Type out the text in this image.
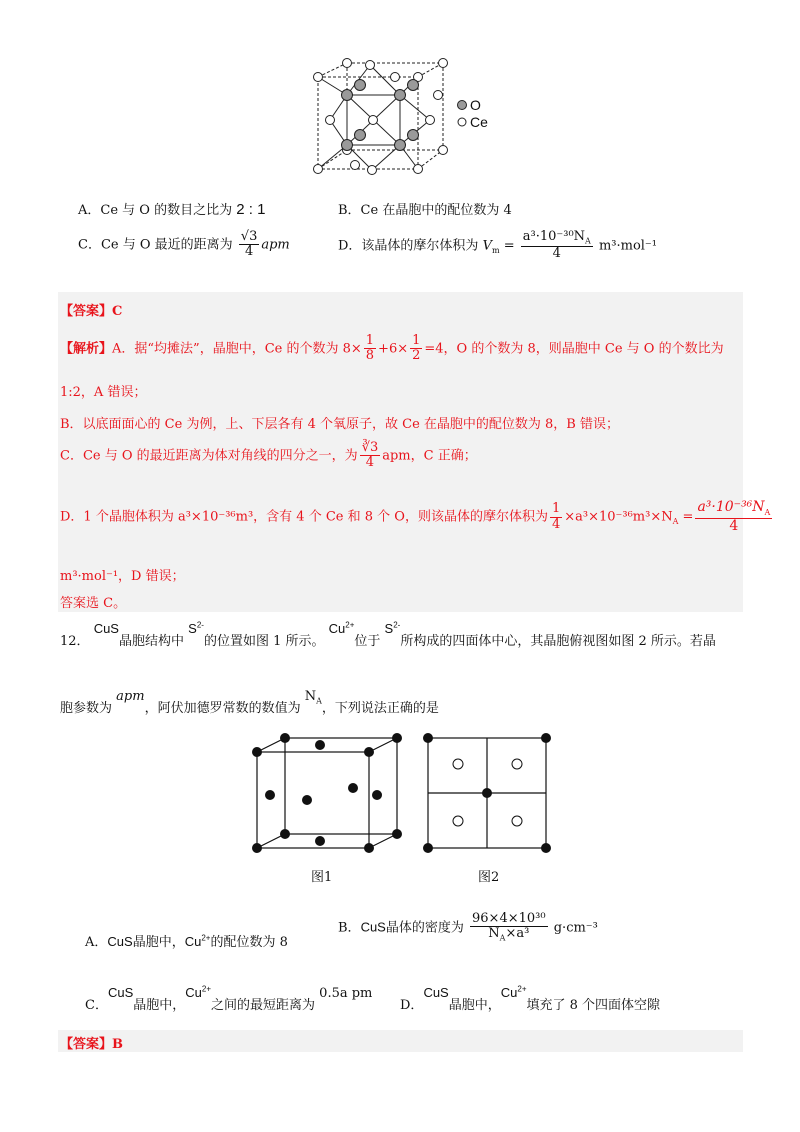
O
Ce
A．Ce 与 O 的数目之比为 2 : 1	B．Ce 在晶胞中的配位数为 4
C．Ce 与 O 最近的距离为 $\frac{√3}{4}$ apm	D．该晶体的摩尔体积为 $V_m = \frac{a^3\cdot 10^{-30}N_A}{4} m^3\cdot mol^{-1}$
【答案】C
【解析】A．据“均摊法”，晶胞中，Ce 的个数为 $8\times \frac{1}{8} +6\times \frac{1}{2} =4$，O 的个数为 8，则晶胞中 Ce 与 O 的个数比为
1:2，A 错误；
B．以底面面心的 Ce 为例，上、下层各有 4 个氧原子，故 Ce 在晶胞中的配位数为 8，B 错误；
C．Ce 与 O 的最近距离为体对角线的四分之一，为 $\frac{∛3}{4}$ apm，C 正确；
D．1 个晶胞体积为 a³×10⁻³⁶m³，含有 4 个 Ce 和 8 个 O，则该晶体的摩尔体积为 $\frac{1}{4} \times a^3\times 10^{-36}m^3\times N_A = \frac{a^3\cdot 10^{-36}N_A}{4}$
m³·mol⁻¹，D 错误；
答案选 C。
12． CuS晶胞结构中 $S^{2-}$的位置如图 1 所示。 $Cu^{2+}$位于 $S^{2-}$所构成的四面体中心，其晶胞俯视图如图 2 所示。若晶
胞参数为 apm，阿伏加德罗常数的数值为 $N_A$，下列说法正确的是
图1	图2
A．CuS晶胞中，$Cu^{2+}$的配位数为 8
B．CuS晶体的密度为 $\frac{\text{96×4×10³⁰}}{N_A\times a^3} g\cdot cm^{-3}$
C．CuS晶胞中，$Cu^{2+}$之间的最短距离为 0.5a pm
D．CuS晶胞中，$Cu^{2+}$填充了 8 个四面体空隙
【答案】B
